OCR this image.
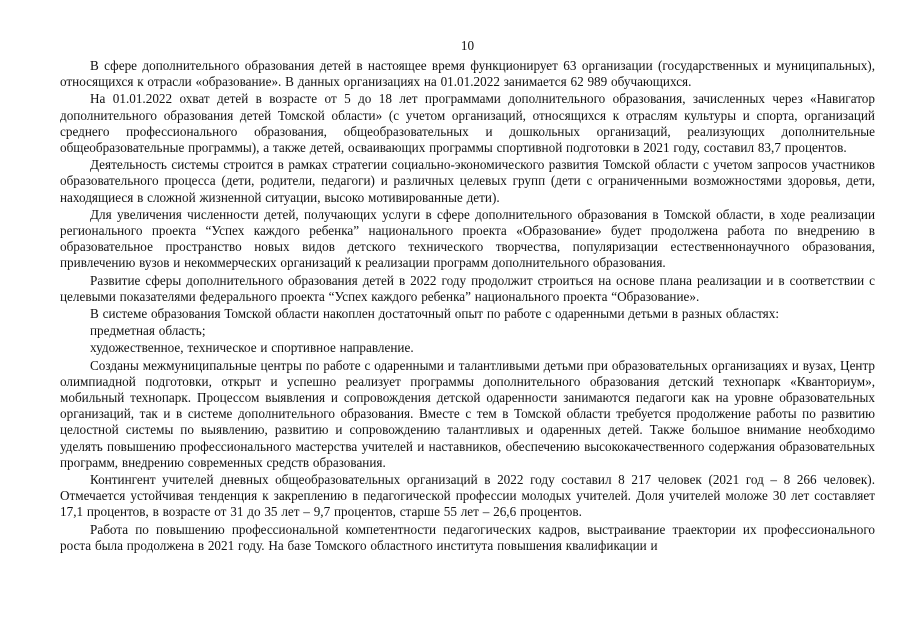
10

В сфере дополнительного образования детей в настоящее время функционирует 63 организации (государственных и муниципальных), относящихся к отрасли «образование». В данных организациях на 01.01.2022 занимается 62 989 обучающихся.

На 01.01.2022 охват детей в возрасте от 5 до 18 лет программами дополнительного образования, зачисленных через «Навигатор дополнительного образования детей Томской области» (с учетом организаций, относящихся к отраслям культуры и спорта, организаций среднего профессионального образования, общеобразовательных и дошкольных организаций, реализующих дополнительные общеобразовательные программы), а также детей, осваивающих программы спортивной подготовки в 2021 году, составил 83,7 процентов.

Деятельность системы строится в рамках стратегии социально-экономического развития Томской области с учетом запросов участников образовательного процесса (дети, родители, педагоги) и различных целевых групп (дети с ограниченными возможностями здоровья, дети, находящиеся в сложной жизненной ситуации, высоко мотивированные дети).

Для увеличения численности детей, получающих услуги в сфере дополнительного образования в Томской области, в ходе реализации регионального проекта “Успех каждого ребенка” национального проекта «Образование» будет продолжена работа по внедрению в образовательное пространство новых видов детского технического творчества, популяризации естественнонаучного образования, привлечению вузов и некоммерческих организаций к реализации программ дополнительного образования.

Развитие сферы дополнительного образования детей в 2022 году продолжит строиться на основе плана реализации и в соответствии с целевыми показателями федерального проекта “Успех каждого ребенка” национального проекта “Образование».

В системе образования Томской области накоплен достаточный опыт по работе с одаренными детьми в разных областях:

предметная область;

художественное, техническое и спортивное направление.

Созданы межмуниципальные центры по работе с одаренными и талантливыми детьми при образовательных организациях и вузах, Центр олимпиадной подготовки, открыт и успешно реализует программы дополнительного образования детский технопарк «Кванториум», мобильный технопарк. Процессом выявления и сопровождения детской одаренности занимаются педагоги как на уровне образовательных организаций, так и в системе дополнительного образования. Вместе с тем в Томской области требуется продолжение работы по развитию целостной системы по выявлению, развитию и сопровождению талантливых и одаренных детей. Также большое внимание необходимо уделять повышению профессионального мастерства учителей и наставников, обеспечению высококачественного содержания образовательных программ, внедрению современных средств образования.

Контингент учителей дневных общеобразовательных организаций в 2022 году составил 8 217 человек (2021 год – 8 266 человек). Отмечается устойчивая тенденция к закреплению в педагогической профессии молодых учителей. Доля учителей моложе 30 лет составляет 17,1 процентов, в возрасте от 31 до 35 лет – 9,7 процентов, старше 55 лет – 26,6 процентов.

Работа по повышению профессиональной компетентности педагогических кадров, выстраивание траектории их профессионального роста была продолжена в 2021 году. На базе Томского областного института повышения квалификации и
